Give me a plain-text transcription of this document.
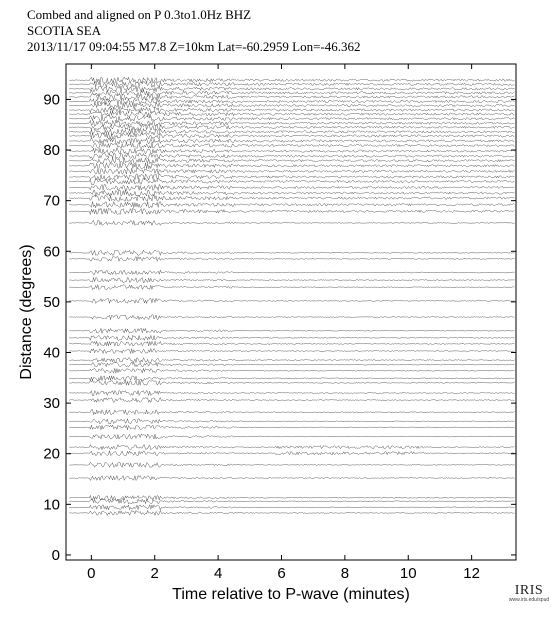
Combed and aligned on P 0.3to1.0Hz BHZ
SCOTIA SEA
2013/11/17 09:04:55 M7.8 Z=10km Lat=-60.2959 Lon=-46.362
0	2	4	6	8	10	12
0
10
20
30
40
50
60
70
80
90
Time relative to P-wave (minutes)
Distance (degrees)
IRIS
www.iris.edu/spud
